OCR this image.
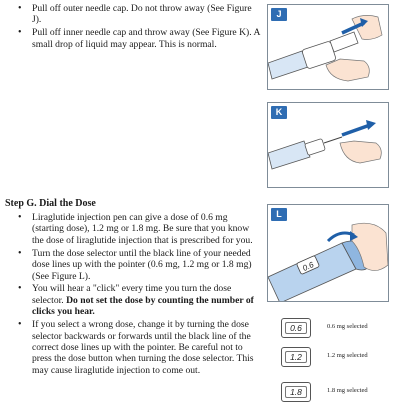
• Pull off outer needle cap. Do not throw away (See Figure J).
• Pull off inner needle cap and throw away (See Figure K). A small drop of liquid may appear. This is normal.
J
K
Step G. Dial the Dose
• Liraglutide injection pen can give a dose of 0.6 mg (starting dose), 1.2 mg or 1.8 mg. Be sure that you know the dose of liraglutide injection that is prescribed for you.
• Turn the dose selector until the black line of your needed dose lines up with the pointer (0.6 mg, 1.2 mg or 1.8 mg) (See Figure L).
• You will hear a "click" every time you turn the dose selector. Do not set the dose by counting the number of clicks you hear.
• If you select a wrong dose, change it by turning the dose selector backwards or forwards until the black line of the correct dose lines up with the pointer. Be careful not to press the dose button when turning the dose selector. This may cause liraglutide injection to come out.
L
0.6
0.6	0.6 mg selected
1.2	1.2 mg selected
1.8	1.8 mg selected
